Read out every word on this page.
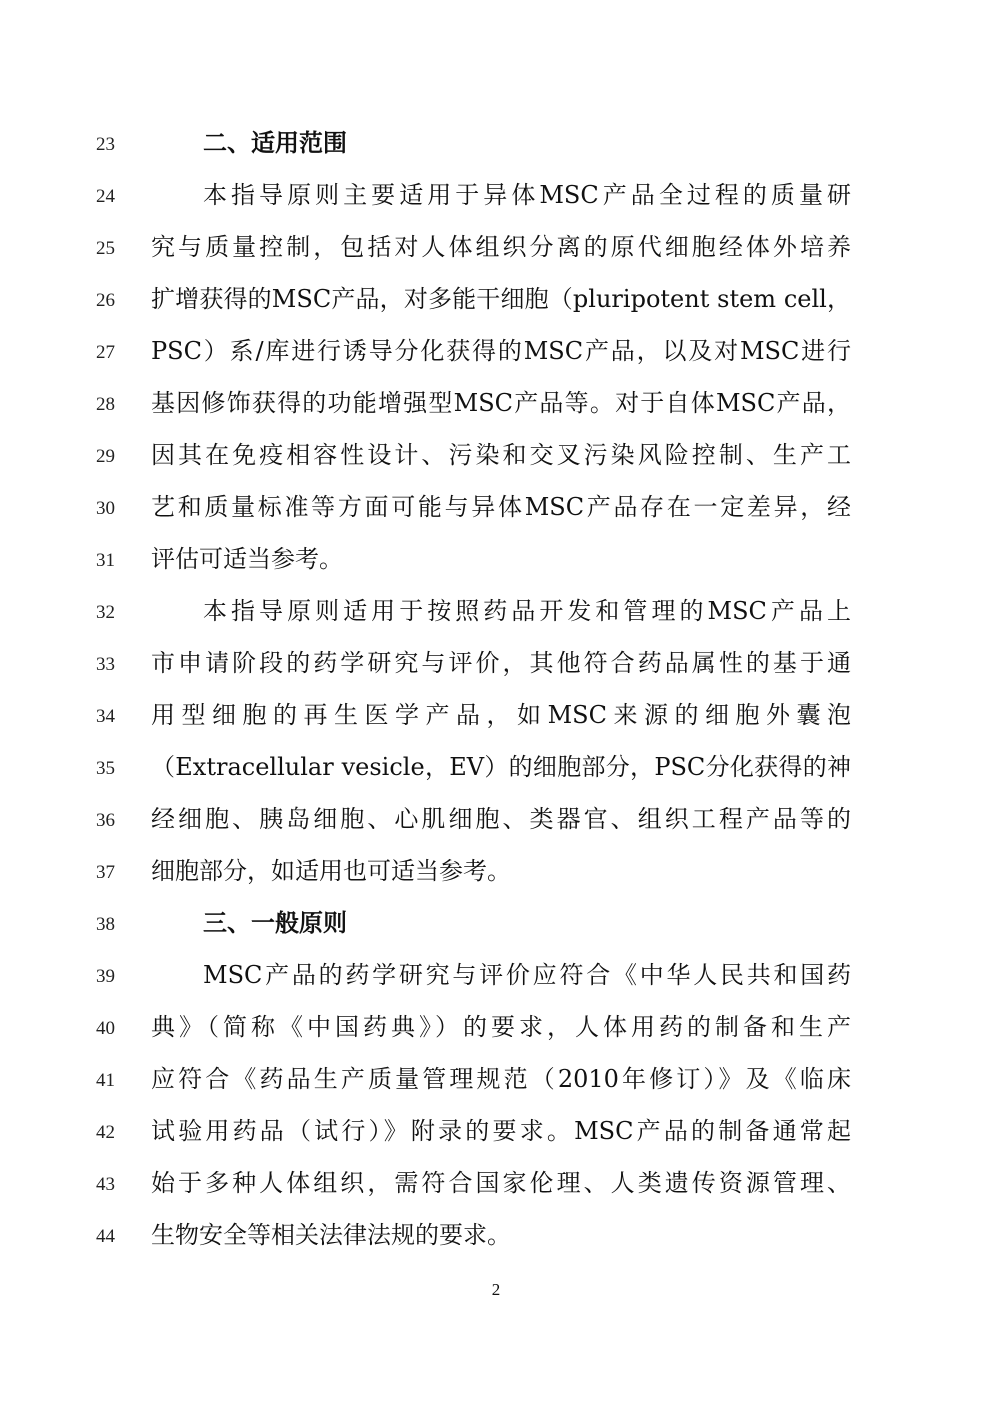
23	二、适用范围
24	本指导原则主要适用于异体MSC产品全过程的质量研
25	究与质量控制，包括对人体组织分离的原代细胞经体外培养
26	扩增获得的MSC产品，对多能干细胞（pluripotent stem cell，
27	PSC）系/库进行诱导分化获得的MSC产品，以及对MSC进行
28	基因修饰获得的功能增强型MSC产品等。对于自体MSC产品，
29	因其在免疫相容性设计、污染和交叉污染风险控制、生产工
30	艺和质量标准等方面可能与异体MSC产品存在一定差异，经
31	评估可适当参考。
32	本指导原则适用于按照药品开发和管理的MSC产品上
33	市申请阶段的药学研究与评价，其他符合药品属性的基于通
34	用型细胞的再生医学产品，如MSC来源的细胞外囊泡
35	（Extracellular vesicle，EV）的细胞部分，PSC分化获得的神
36	经细胞、胰岛细胞、心肌细胞、类器官、组织工程产品等的
37	细胞部分，如适用也可适当参考。
38	三、一般原则
39	MSC产品的药学研究与评价应符合《中华人民共和国药
40	典》（简称《中国药典》）的要求，人体用药的制备和生产
41	应符合《药品生产质量管理规范（2010年修订）》及《临床
42	试验用药品（试行）》附录的要求。MSC产品的制备通常起
43	始于多种人体组织，需符合国家伦理、人类遗传资源管理、
44	生物安全等相关法律法规的要求。
2
